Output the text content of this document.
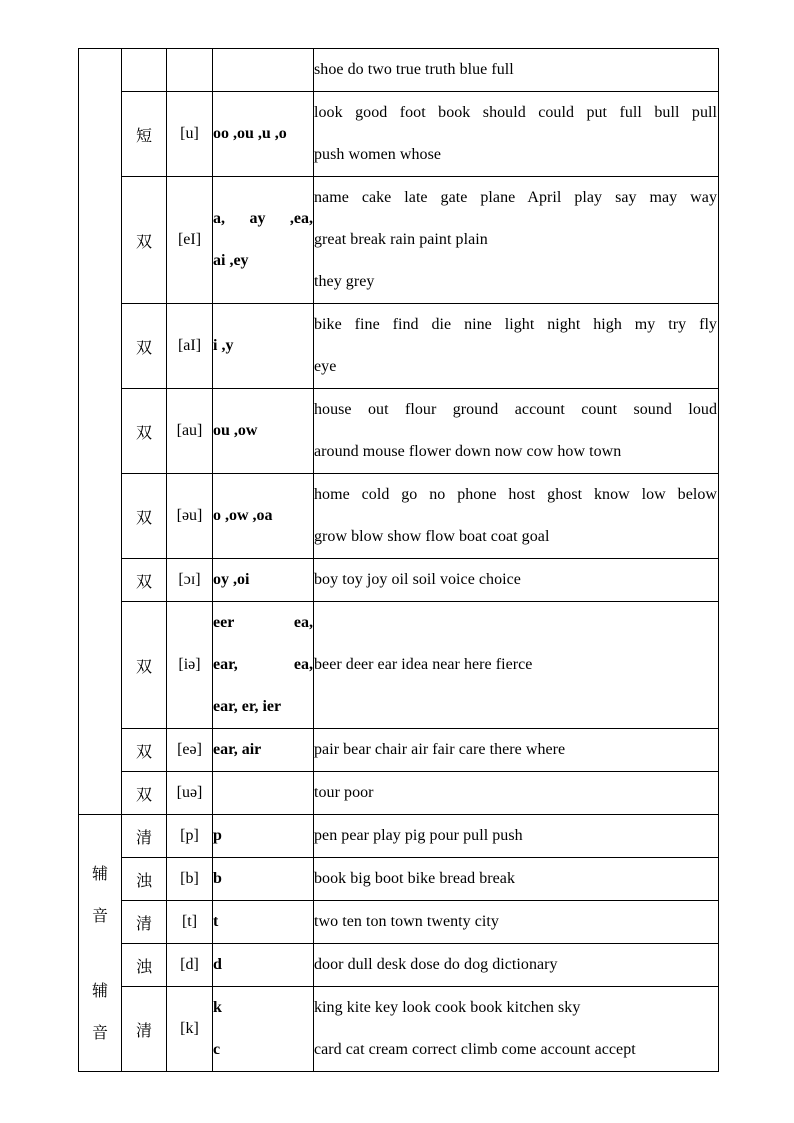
				shoe do two true truth blue full

	短	[u]	oo ,ou ,u ,o	look good foot book should could put full bull pull
push women whose

	双	[eI]	a, ay ,ea,
ai ,ey	name cake late gate plane April play say may way
great break rain paint plain
they grey

	双	[aI]	i ,y	bike fine find die nine light night high my try fly
eye

	双	[au]	ou ,ow	house out flour ground account count sound loud
around mouse flower down now cow how town

	双	[əu]	o ,ow ,oa	home cold go no phone host ghost know low below
grow blow show flow boat coat goal

	双	[ɔɪ]	oy ,oi	boy toy joy oil soil voice choice

	双	[iə]	eer ea,
ear, ea,
ear, er, ier	beer deer ear idea near here fierce

	双	[eə]	ear, air	pair bear chair air fair care there where

	双	[uə]		tour poor

辅
音
辅
音	清	[p]	p	pen pear play pig pour pull push

	浊	[b]	b	book big boot bike bread break

	清	[t]	t	two ten ton town twenty city

	浊	[d]	d	door dull desk dose do dog dictionary

	清	[k]	k
c	king kite key look cook book kitchen sky
card cat cream correct climb come account accept
